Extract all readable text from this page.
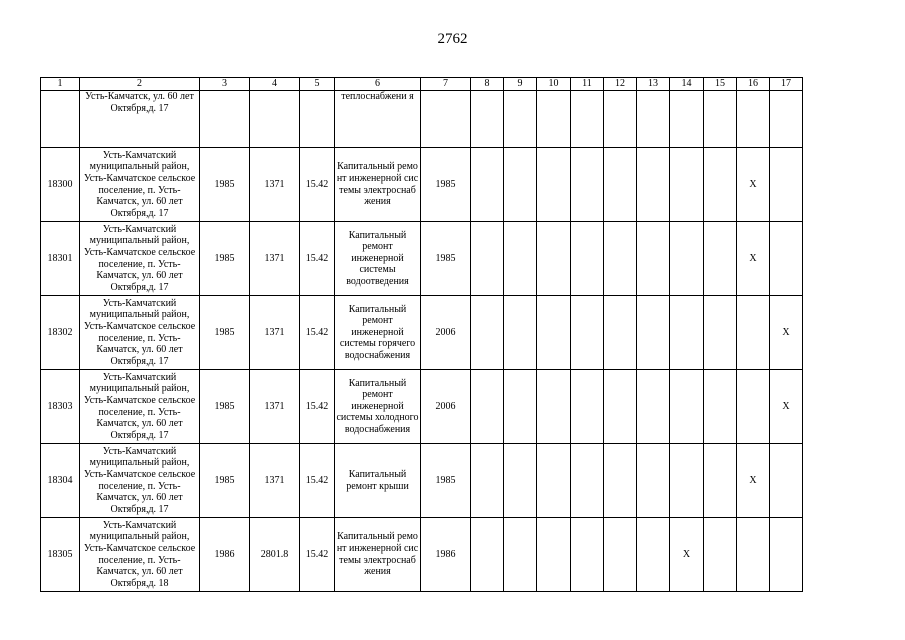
2762
1	2	3	4	5	6	7	8	9	10	11	12	13	14	15	16	17
	Усть-Камчатск, ул. 60 лет Октября,д. 17				теплоснабжени я											
18300	Усть-Камчатский муниципальный район, Усть-Камчатское сельское поселение, п. Усть-Камчатск, ул. 60 лет Октября,д. 17	1985	1371	15.42	Капитальный ремонт инженерной системы электроснабжения	1985									Х	
18301	Усть-Камчатский муниципальный район, Усть-Камчатское сельское поселение, п. Усть-Камчатск, ул. 60 лет Октября,д. 17	1985	1371	15.42	Капитальный ремонт инженерной системы водоотведения	1985									Х	
18302	Усть-Камчатский муниципальный район, Усть-Камчатское сельское поселение, п. Усть-Камчатск, ул. 60 лет Октября,д. 17	1985	1371	15.42	Капитальный ремонт инженерной системы горячего водоснабжения	2006										Х
18303	Усть-Камчатский муниципальный район, Усть-Камчатское сельское поселение, п. Усть-Камчатск, ул. 60 лет Октября,д. 17	1985	1371	15.42	Капитальный ремонт инженерной системы холодного водоснабжения	2006										Х
18304	Усть-Камчатский муниципальный район, Усть-Камчатское сельское поселение, п. Усть-Камчатск, ул. 60 лет Октября,д. 17	1985	1371	15.42	Капитальный ремонт крыши	1985									Х	
18305	Усть-Камчатский муниципальный район, Усть-Камчатское сельское поселение, п. Усть-Камчатск, ул. 60 лет Октября,д. 18	1986	2801.8	15.42	Капитальный ремонт инженерной системы электроснабжения	1986							Х			
